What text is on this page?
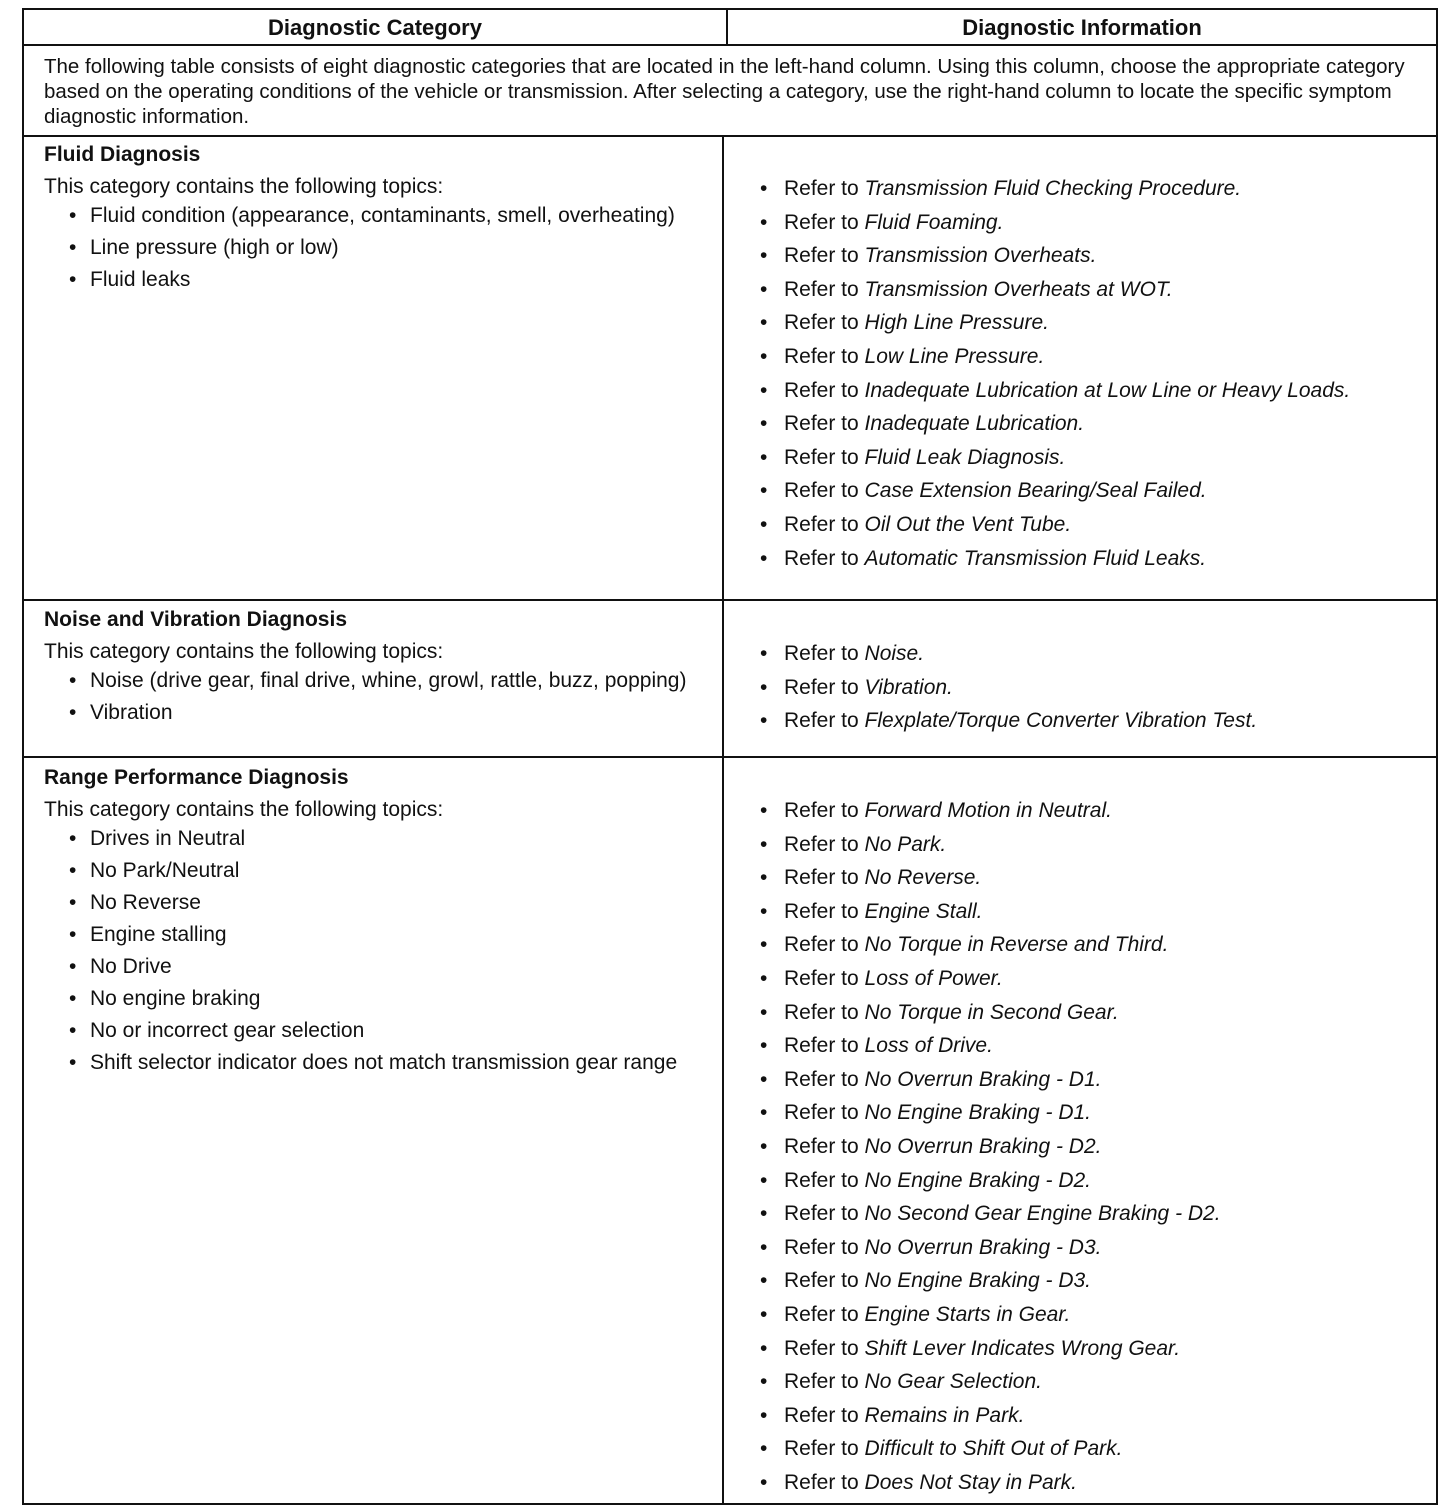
Diagnostic Category	Diagnostic Information
The following table consists of eight diagnostic categories that are located in the left-hand column. Using this column, choose the appropriate category based on the operating conditions of the vehicle or transmission. After selecting a category, use the right-hand column to locate the specific symptom diagnostic information.
Fluid Diagnosis
This category contains the following topics:
• Fluid condition (appearance, contaminants, smell, overheating)
• Line pressure (high or low)
• Fluid leaks
• Refer to Transmission Fluid Checking Procedure.
• Refer to Fluid Foaming.
• Refer to Transmission Overheats.
• Refer to Transmission Overheats at WOT.
• Refer to High Line Pressure.
• Refer to Low Line Pressure.
• Refer to Inadequate Lubrication at Low Line or Heavy Loads.
• Refer to Inadequate Lubrication.
• Refer to Fluid Leak Diagnosis.
• Refer to Case Extension Bearing/Seal Failed.
• Refer to Oil Out the Vent Tube.
• Refer to Automatic Transmission Fluid Leaks.
Noise and Vibration Diagnosis
This category contains the following topics:
• Noise (drive gear, final drive, whine, growl, rattle, buzz, popping)
• Vibration
• Refer to Noise.
• Refer to Vibration.
• Refer to Flexplate/Torque Converter Vibration Test.
Range Performance Diagnosis
This category contains the following topics:
• Drives in Neutral
• No Park/Neutral
• No Reverse
• Engine stalling
• No Drive
• No engine braking
• No or incorrect gear selection
• Shift selector indicator does not match transmission gear range
• Refer to Forward Motion in Neutral.
• Refer to No Park.
• Refer to No Reverse.
• Refer to Engine Stall.
• Refer to No Torque in Reverse and Third.
• Refer to Loss of Power.
• Refer to No Torque in Second Gear.
• Refer to Loss of Drive.
• Refer to No Overrun Braking - D1.
• Refer to No Engine Braking - D1.
• Refer to No Overrun Braking - D2.
• Refer to No Engine Braking - D2.
• Refer to No Second Gear Engine Braking - D2.
• Refer to No Overrun Braking - D3.
• Refer to No Engine Braking - D3.
• Refer to Engine Starts in Gear.
• Refer to Shift Lever Indicates Wrong Gear.
• Refer to No Gear Selection.
• Refer to Remains in Park.
• Refer to Difficult to Shift Out of Park.
• Refer to Does Not Stay in Park.
